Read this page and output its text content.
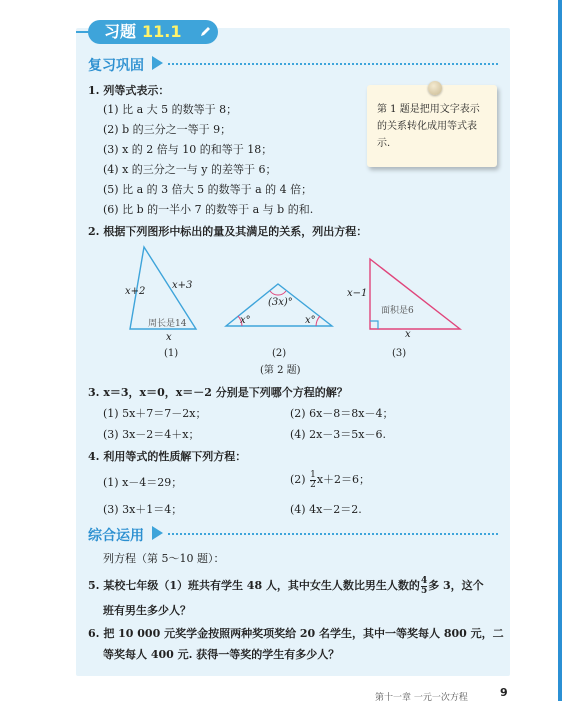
习题 11.1
复习巩固
第 1 题是把用文字表示的关系转化成用等式表示.
1. 列等式表示：
(1) 比 a 大 5 的数等于 8；
(2) b 的三分之一等于 9；
(3) x 的 2 倍与 10 的和等于 18；
(4) x 的三分之一与 y 的差等于 6；
(5) 比 a 的 3 倍大 5 的数等于 a 的 4 倍；
(6) 比 b 的一半小 7 的数等于 a 与 b 的和.
2. 根据下列图形中标出的量及其满足的关系，列出方程：
x+2
x+3
周长是14
x
(1)
(3x)°
x°	x°
(2)
x−1
面积是6
x
(3)
(第 2 题)
3. x＝3，x＝0，x＝－2 分别是下列哪个方程的解？
(1) 5x＋7＝7－2x；	(2) 6x－8＝8x－4；
(3) 3x－2＝4＋x；	(4) 2x－3＝5x－6.
4. 利用等式的性质解下列方程：
(1) x－4＝29；	$(2) \frac{1}{2} x+2=6$；
(3) 3x＋1＝4；	(4) 4x－2＝2.
综合运用
列方程（第 5～10 题）：
5. 某校七年级（1）班共有学生 48 人，其中女生人数比男生人数的 $\frac{4}{5}$ 多 3，这个
班有男生多少人？
6. 把 10 000 元奖学金按照两种奖项奖给 20 名学生，其中一等奖每人 800 元，二
等奖每人 400 元. 获得一等奖的学生有多少人？
第十一章 一元一次方程	9
